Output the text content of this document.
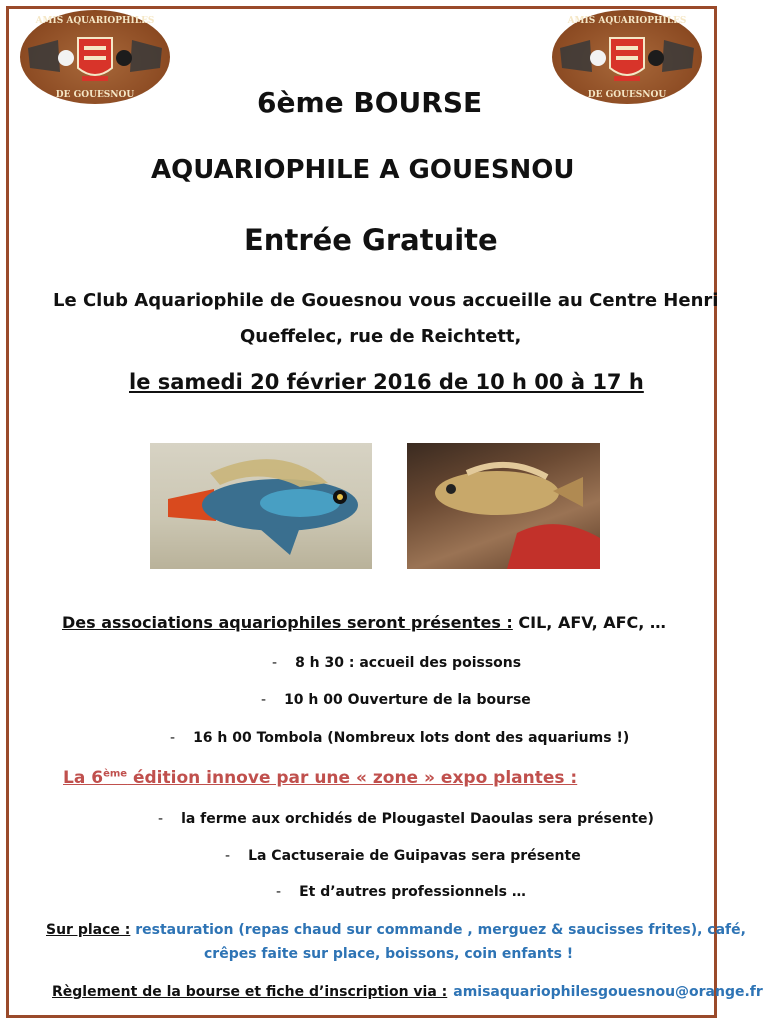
AMIS AQUARIOPHILES
DE GOUESNOU
AMIS AQUARIOPHILES
DE GOUESNOU
6ème BOURSE
AQUARIOPHILE A GOUESNOU
Entrée Gratuite
Le Club Aquariophile de Gouesnou vous accueille au Centre Henri
Queffelec, rue de Reichtett,
le samedi 20 février 2016 de 10 h 00 à 17 h
Des associations aquariophiles seront présentes : CIL, AFV, AFC, …
- 8 h 30 : accueil des poissons
- 10 h 00 Ouverture de la bourse
- 16 h 00 Tombola (Nombreux lots dont des aquariums !)
La 6ème édition innove par une « zone » expo plantes :
- la ferme aux orchidés de Plougastel Daoulas sera présente)
- La Cactuseraie de Guipavas sera présente
- Et d’autres professionnels …
Sur place : restauration (repas chaud sur commande , merguez & saucisses frites), café,
crêpes faite sur place, boissons, coin enfants !
Règlement de la bourse et fiche d’inscription via : amisaquariophilesgouesnou@orange.fr
